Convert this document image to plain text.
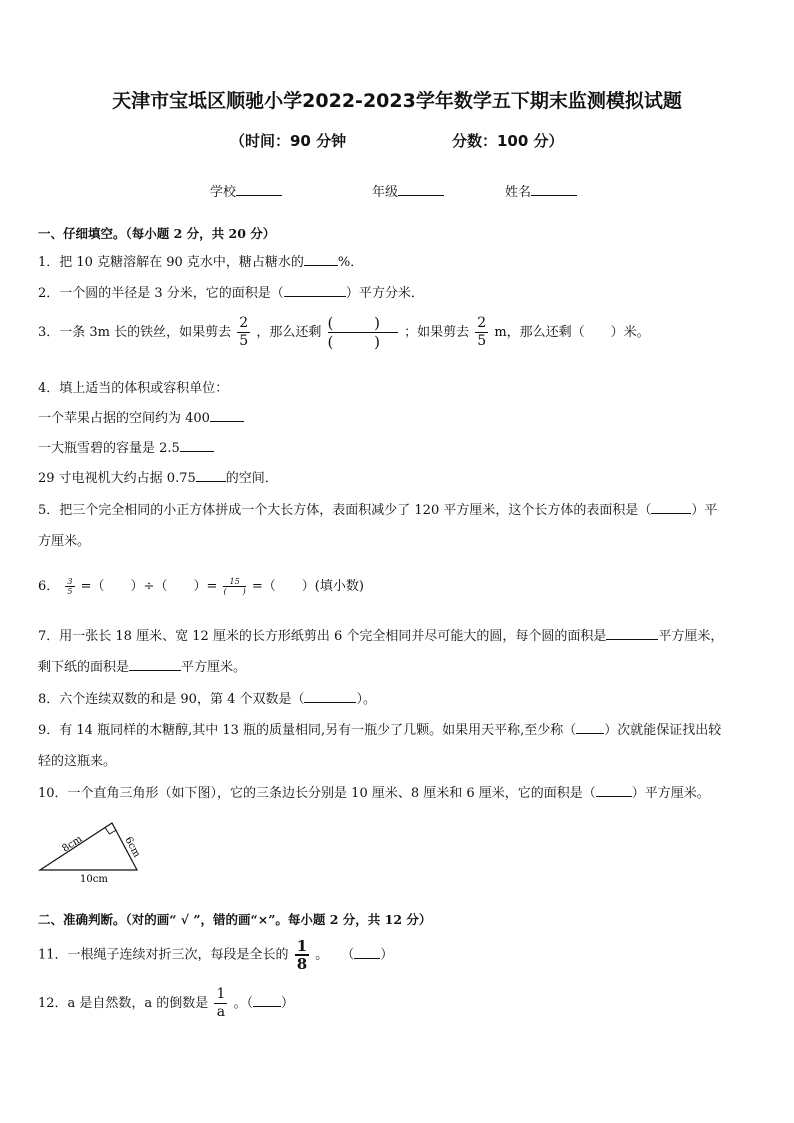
天津市宝坻区顺驰小学2022-2023学年数学五下期末监测模拟试题
（时间：90 分钟	分数：100 分）
学校	年级	姓名
一、仔细填空。（每小题 2 分，共 20 分）
1．把 10 克糖溶解在 90 克水中，糖占糖水的	%．
2．一个圆的半径是 3 分米，它的面积是（	）平方分米．
3．一条 3m 长的铁丝，如果剪去 $\frac{2}{5}$ ，那么还剩 $\frac{( )}{( )}$ ；如果剪去 $\frac{2}{5}$ m，那么还剩（　　）米。
4．填上适当的体积或容积单位：
一个苹果占据的空间约为 400
一大瓶雪碧的容量是 2.5
29 寸电视机大约占据 0.75 的空间．
5．把三个完全相同的小正方体拼成一个大长方体，表面积减少了 120 平方厘米，这个长方体的表面积是（	）平
方厘米。
6． $\frac{3}{5}$ =（　　）÷（　　）= $\frac{15}{( )}$ =（　　）(填小数)
7．用一张长 18 厘米、宽 12 厘米的长方形纸剪出 6 个完全相同并尽可能大的圆，每个圆的面积是	平方厘米，
剩下纸的面积是	平方厘米。
8．六个连续双数的和是 90，第 4 个双数是（	）。
9．有 14 瓶同样的木糖醇,其中 13 瓶的质量相同,另有一瓶少了几颗。如果用天平称,至少称（ ）次就能保证找出较
轻的这瓶来。
10．一个直角三角形（如下图），它的三条边长分别是 10 厘米、8 厘米和 6 厘米，它的面积是（	）平方厘米。
8cm	6cm
10cm
二、准确判断。（对的画“ √ ”，错的画“×”。每小题 2 分，共 12 分）
11．一根绳子连续对折三次，每段是全长的 $\frac{1}{8}$ 。　　（ ）
12．a 是自然数，a 的倒数是 $\frac{1}{a}$ 。（ ）
